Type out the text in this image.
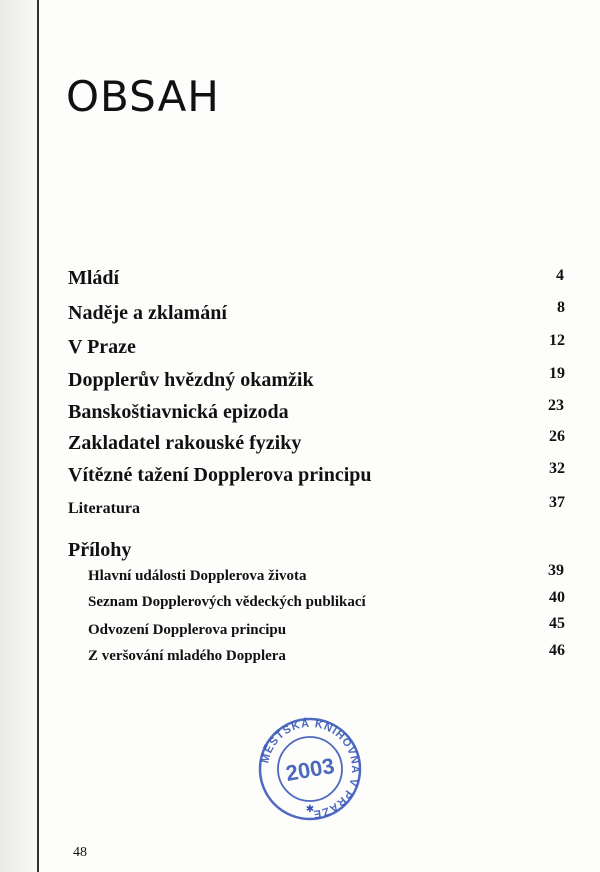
OBSAH
Mládí	4
Naděje a zklamání	8
V Praze	12
Dopplerův hvězdný okamžik	19
Banskoštiavnická epizoda	23
Zakladatel rakouské fyziky	26
Vítězné tažení Dopplerova principu	32
Literatura	37
Přílohy
Hlavní události Dopplerova života	39
Seznam Dopplerových vědeckých publikací	40
Odvození Dopplerova principu	45
Z veršování mladého Dopplera	46
MĚSTSKÁ KNIHOVNA V PRAZE
2003
✱
48
